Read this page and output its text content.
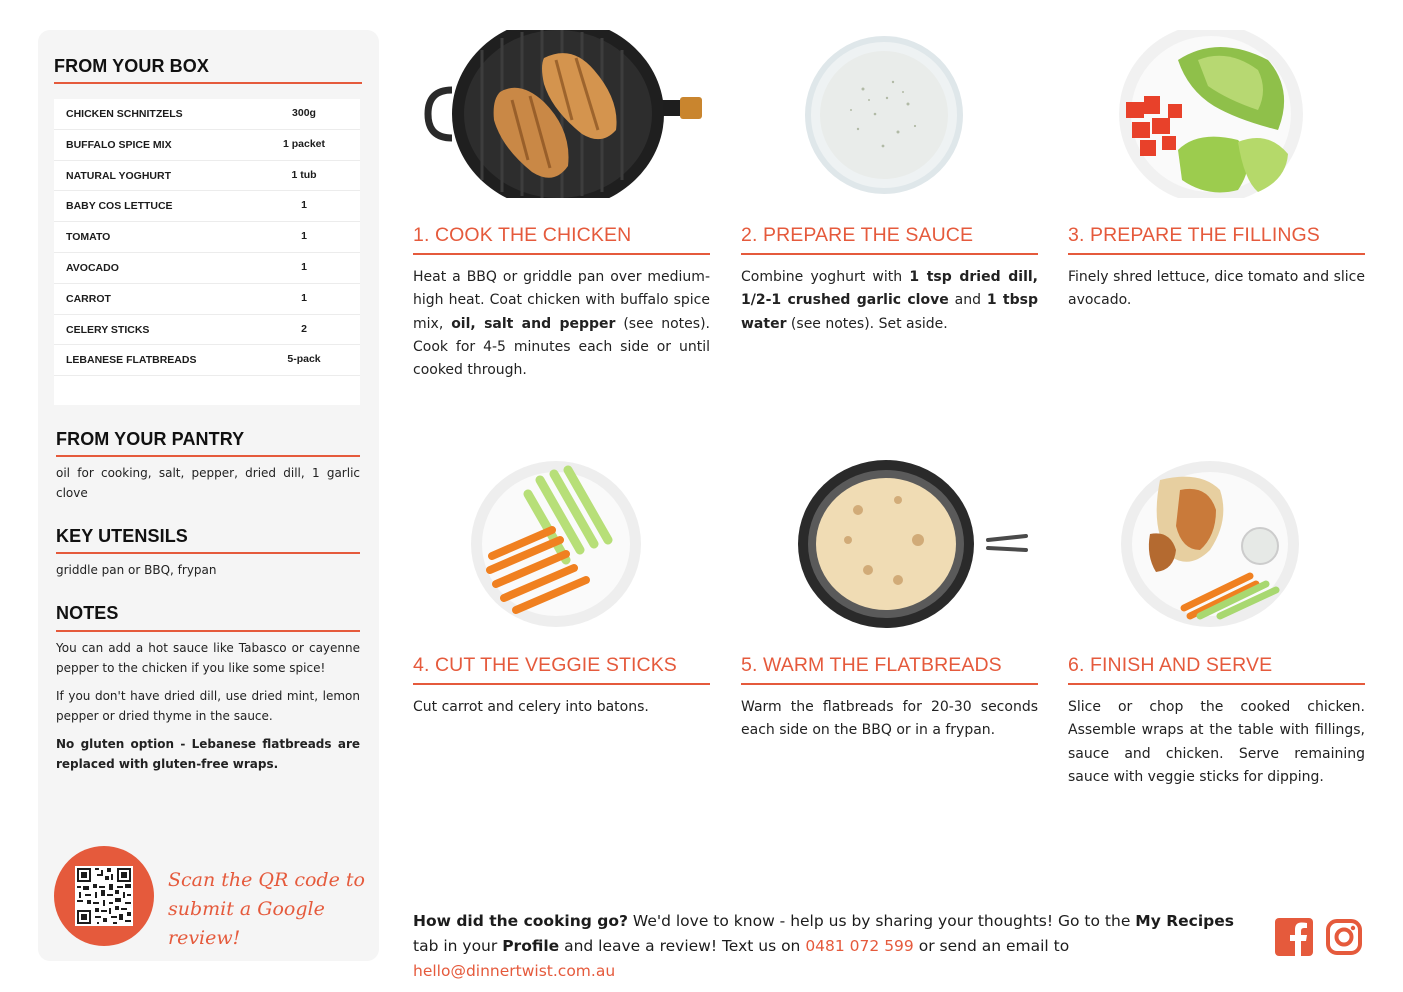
FROM YOUR BOX
CHICKEN SCHNITZELS	300g
BUFFALO SPICE MIX	1 packet
NATURAL YOGHURT	1 tub
BABY COS LETTUCE	1
TOMATO	1
AVOCADO	1
CARROT	1
CELERY STICKS	2
LEBANESE FLATBREADS	5-pack
FROM YOUR PANTRY
oil for cooking, salt, pepper, dried dill, 1 garlic clove
KEY UTENSILS
griddle pan or BBQ, frypan
NOTES
You can add a hot sauce like Tabasco or cayenne pepper to the chicken if you like some spice!
If you don't have dried dill, use dried mint, lemon pepper or dried thyme in the sauce.
No gluten option - Lebanese flatbreads are replaced with gluten-free wraps.
Scan the QR code to
submit a Google review!
1. COOK THE CHICKEN
Heat a BBQ or griddle pan over medium-high heat. Coat chicken with buffalo spice mix, oil, salt and pepper (see notes). Cook for 4-5 minutes each side or until cooked through.
2. PREPARE THE SAUCE
Combine yoghurt with 1 tsp dried dill, 1/2-1 crushed garlic clove and 1 tbsp water (see notes). Set aside.
3. PREPARE THE FILLINGS
Finely shred lettuce, dice tomato and slice avocado.
4. CUT THE VEGGIE STICKS
Cut carrot and celery into batons.
5. WARM THE FLATBREADS
Warm the flatbreads for 20-30 seconds each side on the BBQ or in a frypan.
6. FINISH AND SERVE
Slice or chop the cooked chicken. Assemble wraps at the table with fillings, sauce and chicken. Serve remaining sauce with veggie sticks for dipping.
How did the cooking go? We'd love to know - help us by sharing your thoughts! Go to the My Recipes tab in your Profile and leave a review! Text us on 0481 072 599 or send an email to hello@dinnertwist.com.au
